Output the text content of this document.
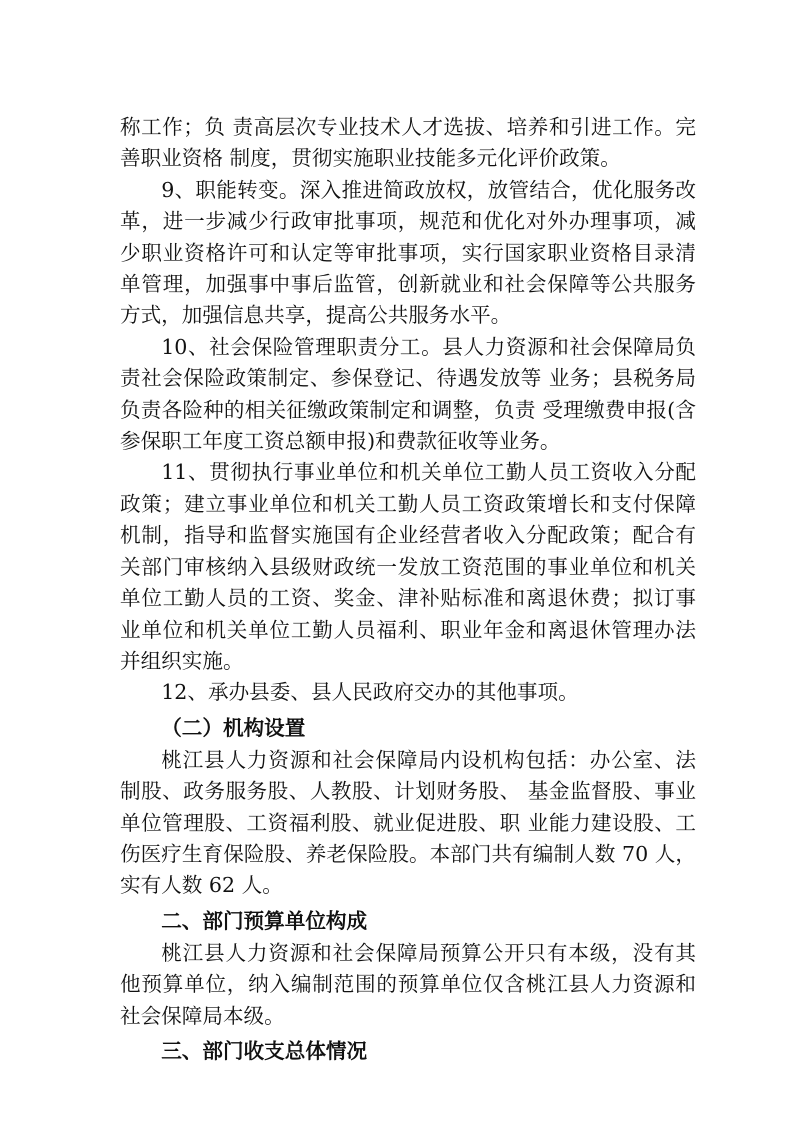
称工作；负 责高层次专业技术人才选拔、培养和引进工作。完善职业资格 制度，贯彻实施职业技能多元化评价政策。

9、职能转变。深入推进简政放权，放管结合，优化服务改革，进一步减少行政审批事项，规范和优化对外办理事项，减少职业资格许可和认定等审批事项，实行国家职业资格目录清单管理，加强事中事后监管，创新就业和社会保障等公共服务方式，加强信息共享，提高公共服务水平。

10、社会保险管理职责分工。县人力资源和社会保障局负责社会保险政策制定、参保登记、待遇发放等 业务；县税务局负责各险种的相关征缴政策制定和调整，负责 受理缴费申报(含参保职工年度工资总额申报)和费款征收等业务。

11、贯彻执行事业单位和机关单位工勤人员工资收入分配政策；建立事业单位和机关工勤人员工资政策增长和支付保障机制，指导和监督实施国有企业经营者收入分配政策；配合有关部门审核纳入县级财政统一发放工资范围的事业单位和机关单位工勤人员的工资、奖金、津补贴标准和离退休费；拟订事业单位和机关单位工勤人员福利、职业年金和离退休管理办法 并组织实施。

12、承办县委、县人民政府交办的其他事项。

（二）机构设置

桃江县人力资源和社会保障局内设机构包括：办公室、法制股、政务服务股、人教股、计划财务股、 基金监督股、事业单位管理股、工资福利股、就业促进股、职 业能力建设股、工伤医疗生育保险股、养老保险股。本部门共有编制人数 70 人，实有人数 62 人。

二、部门预算单位构成

桃江县人力资源和社会保障局预算公开只有本级，没有其他预算单位，纳入编制范围的预算单位仅含桃江县人力资源和社会保障局本级。

三、部门收支总体情况
